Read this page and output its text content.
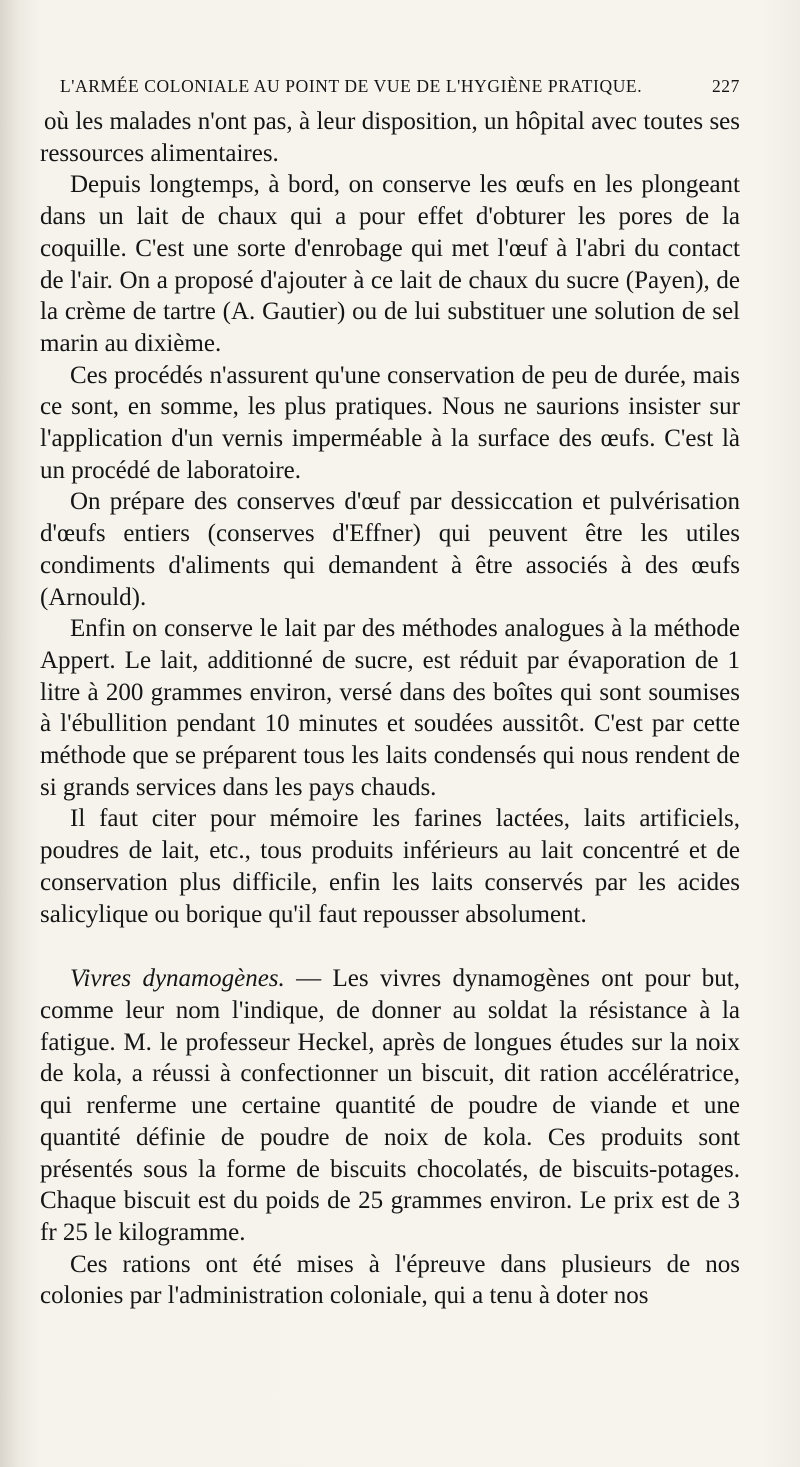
L'ARMÉE COLONIALE AU POINT DE VUE DE L'HYGIÈNE PRATIQUE.	227

où les malades n'ont pas, à leur disposition, un hôpital avec toutes ses ressources alimentaires.

Depuis longtemps, à bord, on conserve les œufs en les plongeant dans un lait de chaux qui a pour effet d'obturer les pores de la coquille. C'est une sorte d'enrobage qui met l'œuf à l'abri du contact de l'air. On a proposé d'ajouter à ce lait de chaux du sucre (Payen), de la crème de tartre (A. Gautier) ou de lui substituer une solution de sel marin au dixième.

Ces procédés n'assurent qu'une conservation de peu de durée, mais ce sont, en somme, les plus pratiques. Nous ne saurions insister sur l'application d'un vernis imperméable à la surface des œufs. C'est là un procédé de laboratoire.

On prépare des conserves d'œuf par dessiccation et pulvérisation d'œufs entiers (conserves d'Effner) qui peuvent être les utiles condiments d'aliments qui demandent à être associés à des œufs (Arnould).

Enfin on conserve le lait par des méthodes analogues à la méthode Appert. Le lait, additionné de sucre, est réduit par évaporation de 1 litre à 200 grammes environ, versé dans des boîtes qui sont soumises à l'ébullition pendant 10 minutes et soudées aussitôt. C'est par cette méthode que se préparent tous les laits condensés qui nous rendent de si grands services dans les pays chauds.

Il faut citer pour mémoire les farines lactées, laits artificiels, poudres de lait, etc., tous produits inférieurs au lait concentré et de conservation plus difficile, enfin les laits conservés par les acides salicylique ou borique qu'il faut repousser absolument.

Vivres dynamogènes. — Les vivres dynamogènes ont pour but, comme leur nom l'indique, de donner au soldat la résistance à la fatigue. M. le professeur Heckel, après de longues études sur la noix de kola, a réussi à confectionner un biscuit, dit ration accélératrice, qui renferme une certaine quantité de poudre de viande et une quantité définie de poudre de noix de kola. Ces produits sont présentés sous la forme de biscuits chocolatés, de biscuits-potages. Chaque biscuit est du poids de 25 grammes environ. Le prix est de 3 fr 25 le kilogramme.

Ces rations ont été mises à l'épreuve dans plusieurs de nos colonies par l'administration coloniale, qui a tenu à doter nos
